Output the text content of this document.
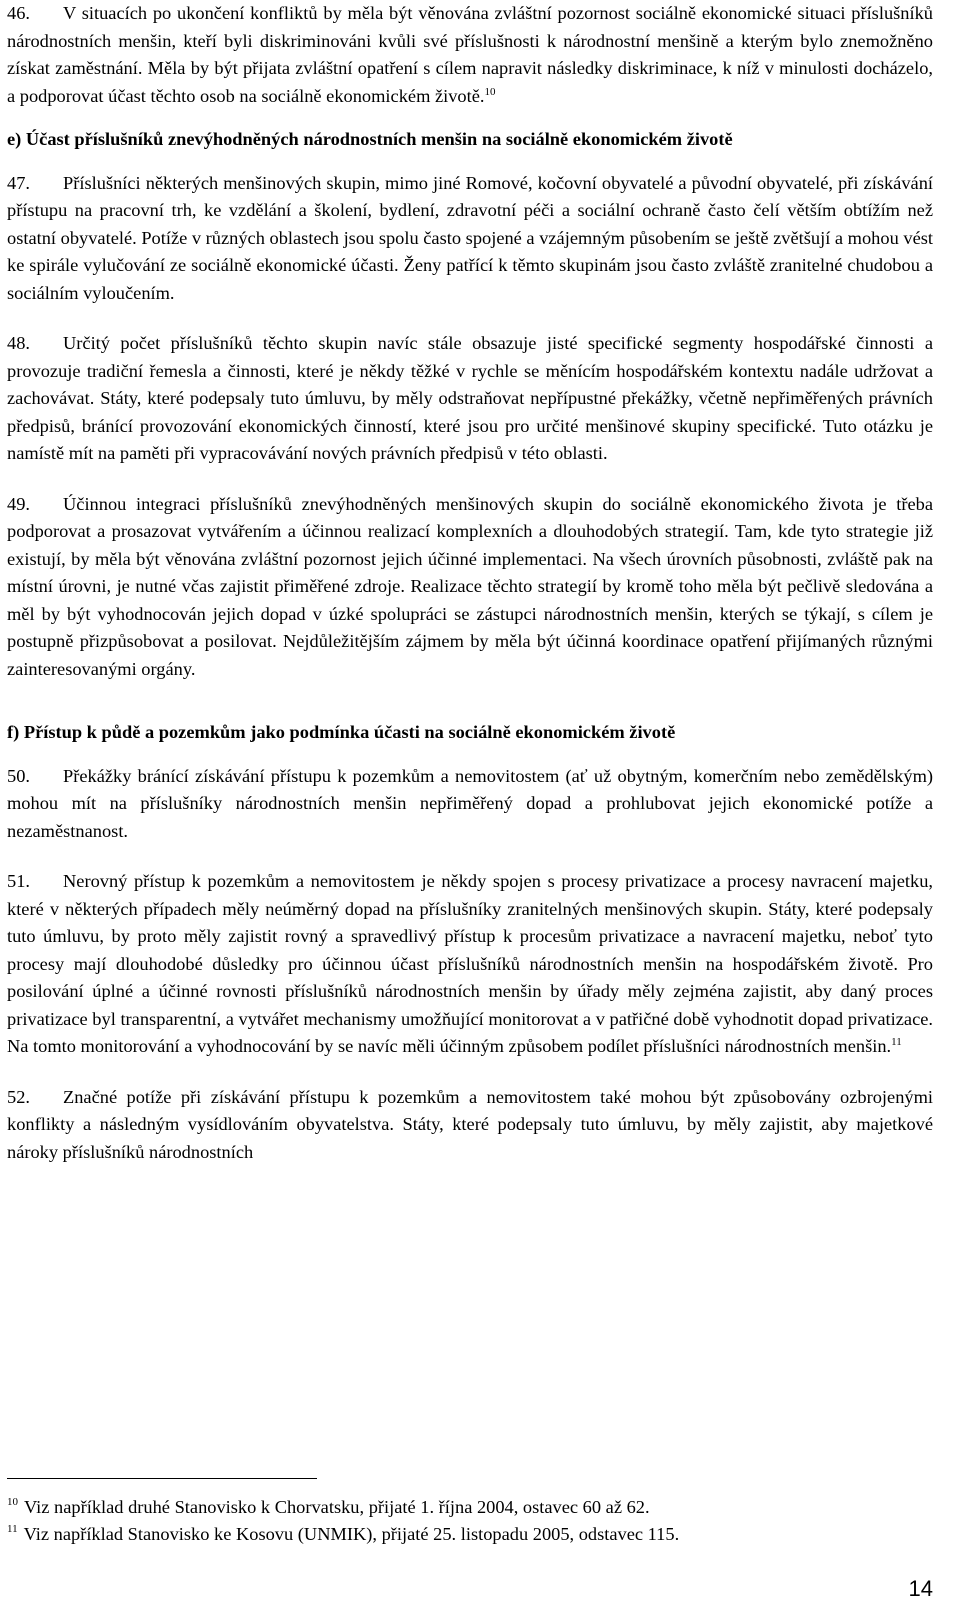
46. V situacích po ukončení konfliktů by měla být věnována zvláštní pozornost sociálně ekonomické situaci příslušníků národnostních menšin, kteří byli diskriminováni kvůli své příslušnosti k národnostní menšině a kterým bylo znemožněno získat zaměstnání. Měla by být přijata zvláštní opatření s cílem napravit následky diskriminace, k níž v minulosti docházelo, a podporovat účast těchto osob na sociálně ekonomickém životě.$^{10}$

e) Účast příslušníků znevýhodněných národnostních menšin na sociálně ekonomickém životě

47. Příslušníci některých menšinových skupin, mimo jiné Romové, kočovní obyvatelé a původní obyvatelé, při získávání přístupu na pracovní trh, ke vzdělání a školení, bydlení, zdravotní péči a sociální ochraně často čelí větším obtížím než ostatní obyvatelé. Potíže v různých oblastech jsou spolu často spojené a vzájemným působením se ještě zvětšují a mohou vést ke spirále vylučování ze sociálně ekonomické účasti. Ženy patřící k těmto skupinám jsou často zvláště zranitelné chudobou a sociálním vyloučením.

48. Určitý počet příslušníků těchto skupin navíc stále obsazuje jisté specifické segmenty hospodářské činnosti a provozuje tradiční řemesla a činnosti, které je někdy těžké v rychle se měnícím hospodářském kontextu nadále udržovat a zachovávat. Státy, které podepsaly tuto úmluvu, by měly odstraňovat nepřípustné překážky, včetně nepřiměřených právních předpisů, bránící provozování ekonomických činností, které jsou pro určité menšinové skupiny specifické. Tuto otázku je namístě mít na paměti při vypracovávání nových právních předpisů v této oblasti.

49. Účinnou integraci příslušníků znevýhodněných menšinových skupin do sociálně ekonomického života je třeba podporovat a prosazovat vytvářením a účinnou realizací komplexních a dlouhodobých strategií. Tam, kde tyto strategie již existují, by měla být věnována zvláštní pozornost jejich účinné implementaci. Na všech úrovních působnosti, zvláště pak na místní úrovni, je nutné včas zajistit přiměřené zdroje. Realizace těchto strategií by kromě toho měla být pečlivě sledována a měl by být vyhodnocován jejich dopad v úzké spolupráci se zástupci národnostních menšin, kterých se týkají, s cílem je postupně přizpůsobovat a posilovat. Nejdůležitějším zájmem by měla být účinná koordinace opatření přijímaných různými zainteresovanými orgány.

f) Přístup k půdě a pozemkům jako podmínka účasti na sociálně ekonomickém životě

50. Překážky bránící získávání přístupu k pozemkům a nemovitostem (ať už obytným, komerčním nebo zemědělským) mohou mít na příslušníky národnostních menšin nepřiměřený dopad a prohlubovat jejich ekonomické potíže a nezaměstnanost.

51. Nerovný přístup k pozemkům a nemovitostem je někdy spojen s procesy privatizace a procesy navracení majetku, které v některých případech měly neúměrný dopad na příslušníky zranitelných menšinových skupin. Státy, které podepsaly tuto úmluvu, by proto měly zajistit rovný a spravedlivý přístup k procesům privatizace a navracení majetku, neboť tyto procesy mají dlouhodobé důsledky pro účinnou účast příslušníků národnostních menšin na hospodářském životě. Pro posilování úplné a účinné rovnosti příslušníků národnostních menšin by úřady měly zejména zajistit, aby daný proces privatizace byl transparentní, a vytvářet mechanismy umožňující monitorovat a v patřičné době vyhodnotit dopad privatizace. Na tomto monitorování a vyhodnocování by se navíc měli účinným způsobem podílet příslušníci národnostních menšin.$^{11}$

52. Značné potíže při získávání přístupu k pozemkům a nemovitostem také mohou být způsobovány ozbrojenými konflikty a následným vysídlováním obyvatelstva. Státy, které podepsaly tuto úmluvu, by měly zajistit, aby majetkové nároky příslušníků národnostních

$^{10}$ Viz například druhé Stanovisko k Chorvatsku, přijaté 1. října 2004, ostavec 60 až 62.

$^{11}$ Viz například Stanovisko ke Kosovu (UNMIK), přijaté 25. listopadu 2005, odstavec 115.

14
